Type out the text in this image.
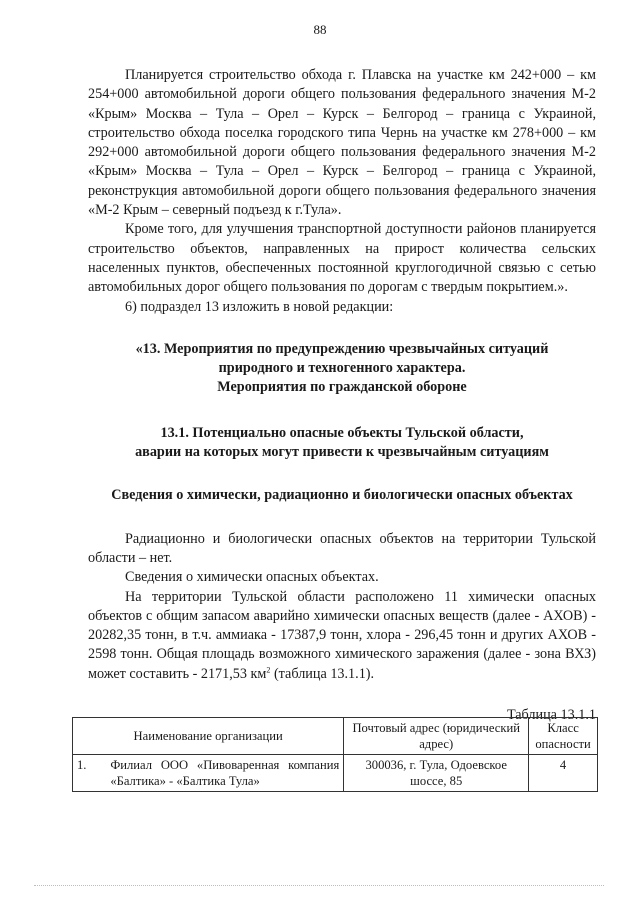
88

Планируется строительство обхода г. Плавска на участке км 242+000 – км 254+000 автомобильной дороги общего пользования федерального значения М-2 «Крым» Москва – Тула – Орел – Курск – Белгород – граница с Украиной, строительство обхода поселка городского типа Чернь на участке км 278+000 – км 292+000 автомобильной дороги общего пользования федерального значения М-2 «Крым» Москва – Тула – Орел – Курск – Белгород – граница с Украиной, реконструкция автомобильной дороги общего пользования федерального значения «М-2 Крым – северный подъезд к г.Тула».

Кроме того, для улучшения транспортной доступности районов планируется строительство объектов, направленных на прирост количества сельских населенных пунктов, обеспеченных постоянной круглогодичной связью с сетью автомобильных дорог общего пользования по дорогам с твердым покрытием.».

6) подраздел 13 изложить в новой редакции:

«13. Мероприятия по предупреждению чрезвычайных ситуаций
природного и техногенного характера.
Мероприятия по гражданской обороне
13.1. Потенциально опасные объекты Тульской области,
аварии на которых могут привести к чрезвычайным ситуациям
Сведения о химически, радиационно и биологически опасных объектах

Радиационно и биологически опасных объектов на территории Тульской области – нет.

Сведения о химически опасных объектах.

На территории Тульской области расположено 11 химически опасных объектов с общим запасом аварийно химически опасных веществ (далее - АХОВ) - 20282,35 тонн, в т.ч. аммиака - 17387,9 тонн, хлора - 296,45 тонн и других АХОВ - 2598 тонн. Общая площадь возможного химического заражения (далее - зона ВХЗ) может составить - 2171,53 $км^2$ (таблица 13.1.1).

Таблица 13.1.1
Наименование организации		Почтовый адрес (юридический адрес)	Класс опасности
1.	Филиал ООО «Пивоваренная компания «Балтика» - «Балтика Тула»	300036, г. Тула, Одоевское шоссе, 85	4
